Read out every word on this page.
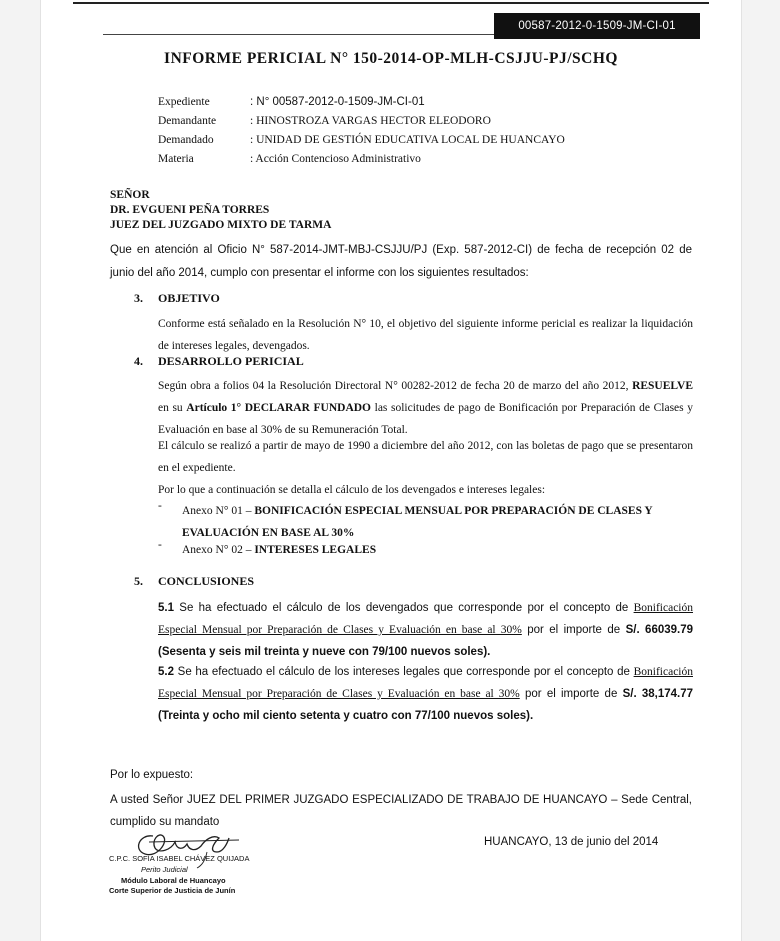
00587-2012-0-1509-JM-CI-01
INFORME PERICIAL N° 150-2014-OP-MLH-CSJJU-PJ/SCHQ
Expediente	: N° 00587-2012-0-1509-JM-CI-01
Demandante	: HINOSTROZA VARGAS HECTOR ELEODORO
Demandado	: UNIDAD DE GESTIÓN EDUCATIVA LOCAL DE HUANCAYO
Materia	: Acción Contencioso Administrativo
SEÑOR
DR. EVGUENI PEÑA TORRES
JUEZ DEL JUZGADO MIXTO DE TARMA
Que en atención al Oficio N° 587-2014-JMT-MBJ-CSJJU/PJ (Exp. 587-2012-CI) de fecha de recepción 02 de junio del año 2014, cumplo con presentar el informe con los siguientes resultados:
3. OBJETIVO
Conforme está señalado en la Resolución N° 10, el objetivo del siguiente informe pericial es realizar la liquidación de intereses legales, devengados.
4. DESARROLLO PERICIAL
Según obra a folios 04 la Resolución Directoral N° 00282-2012 de fecha 20 de marzo del año 2012, RESUELVE en su Artículo 1° DECLARAR FUNDADO las solicitudes de pago de Bonificación por Preparación de Clases y Evaluación en base al 30% de su Remuneración Total.
El cálculo se realizó a partir de mayo de 1990 a diciembre del año 2012, con las boletas de pago que se presentaron en el expediente.
Por lo que a continuación se detalla el cálculo de los devengados e intereses legales:
- Anexo N° 01 – BONIFICACIÓN ESPECIAL MENSUAL POR PREPARACIÓN DE CLASES Y EVALUACIÓN EN BASE AL 30%
- Anexo N° 02 – INTERESES LEGALES
5. CONCLUSIONES
5.1 Se ha efectuado el cálculo de los devengados que corresponde por el concepto de Bonificación Especial Mensual por Preparación de Clases y Evaluación en base al 30% por el importe de S/. 66039.79 (Sesenta y seis mil treinta y nueve con 79/100 nuevos soles).
5.2 Se ha efectuado el cálculo de los intereses legales que corresponde por el concepto de Bonificación Especial Mensual por Preparación de Clases y Evaluación en base al 30% por el importe de S/. 38,174.77 (Treinta y ocho mil ciento setenta y cuatro con 77/100 nuevos soles).
Por lo expuesto:
A usted Señor JUEZ DEL PRIMER JUZGADO ESPECIALIZADO DE TRABAJO DE HUANCAYO – Sede Central, cumplido su mandato
HUANCAYO, 13 de junio del 2014
C.P.C. SOFÍA ISABEL CHÁVEZ QUIJADA
Perito Judicial
Módulo Laboral de Huancayo
Corte Superior de Justicia de Junín
